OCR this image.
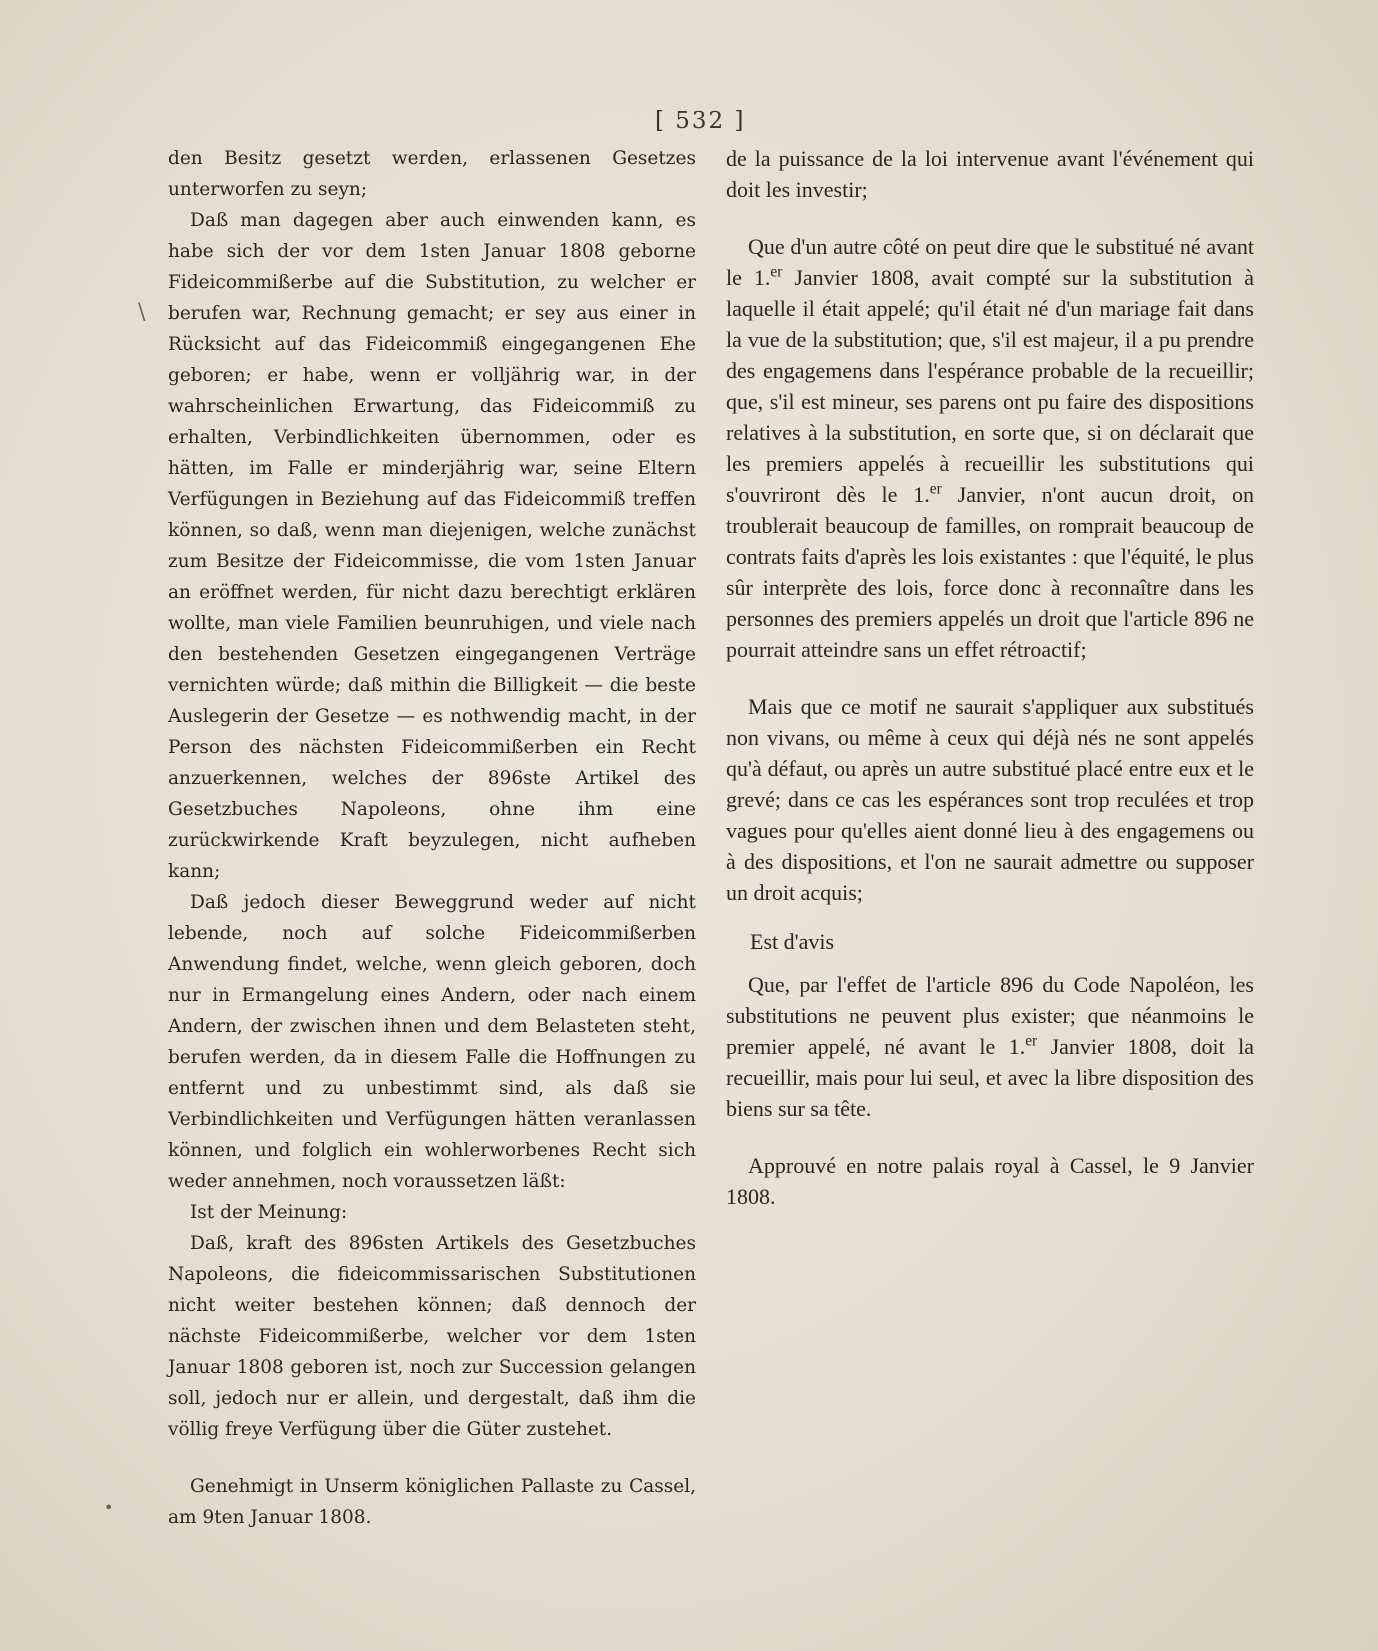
[ 532 ]
\
•

den Besitz gesetzt werden, erlassenen Gesetzes unterworfen zu seyn;

Daß man dagegen aber auch einwenden kann, es habe sich der vor dem 1sten Januar 1808 geborne Fideicommißerbe auf die Substitution, zu welcher er berufen war, Rechnung gemacht; er sey aus einer in Rücksicht auf das Fideicommiß eingegangenen Ehe geboren; er habe, wenn er volljährig war, in der wahrscheinlichen Erwartung, das Fideicommiß zu erhalten, Verbindlichkeiten übernommen, oder es hätten, im Falle er minderjährig war, seine Eltern Verfügungen in Beziehung auf das Fideicommiß treffen können, so daß, wenn man diejenigen, welche zunächst zum Besitze der Fideicommisse, die vom 1sten Januar an eröffnet werden, für nicht dazu berechtigt erklären wollte, man viele Familien beunruhigen, und viele nach den bestehenden Gesetzen eingegangenen Verträge vernichten würde; daß mithin die Billigkeit — die beste Auslegerin der Gesetze — es nothwendig macht, in der Person des nächsten Fideicommißerben ein Recht anzuerkennen, welches der 896ste Artikel des Gesetzbuches Napoleons, ohne ihm eine zurückwirkende Kraft beyzulegen, nicht aufheben kann;

Daß jedoch dieser Beweggrund weder auf nicht lebende, noch auf solche Fideicommißerben Anwendung findet, welche, wenn gleich geboren, doch nur in Ermangelung eines Andern, oder nach einem Andern, der zwischen ihnen und dem Belasteten steht, berufen werden, da in diesem Falle die Hoffnungen zu entfernt und zu unbestimmt sind, als daß sie Verbindlichkeiten und Verfügungen hätten veranlassen können, und folglich ein wohlerworbenes Recht sich weder annehmen, noch voraussetzen läßt:

Ist der Meinung:

Daß, kraft des 896sten Artikels des Gesetzbuches Napoleons, die fideicommissarischen Substitutionen nicht weiter bestehen können; daß dennoch der nächste Fideicommißerbe, welcher vor dem 1sten Januar 1808 geboren ist, noch zur Succession gelangen soll, jedoch nur er allein, und dergestalt, daß ihm die völlig freye Verfügung über die Güter zustehet.

Genehmigt in Unserm königlichen Pallaste zu Cassel, am 9ten Januar 1808.

de la puissance de la loi intervenue avant l'événement qui doit les investir;

Que d'un autre côté on peut dire que le substitué né avant le 1.$^{er}$ Janvier 1808, avait compté sur la substitution à laquelle il était appelé; qu'il était né d'un mariage fait dans la vue de la substitution; que, s'il est majeur, il a pu prendre des engagemens dans l'espérance probable de la recueillir; que, s'il est mineur, ses parens ont pu faire des dispositions relatives à la substitution, en sorte que, si on déclarait que les premiers appelés à recueillir les substitutions qui s'ouvriront dès le 1.$^{er}$ Janvier, n'ont aucun droit, on troublerait beaucoup de familles, on romprait beaucoup de contrats faits d'après les lois existantes : que l'équité, le plus sûr interprète des lois, force donc à reconnaître dans les personnes des premiers appelés un droit que l'article 896 ne pourrait atteindre sans un effet rétroactif;

Mais que ce motif ne saurait s'appliquer aux substitués non vivans, ou même à ceux qui déjà nés ne sont appelés qu'à défaut, ou après un autre substitué placé entre eux et le grevé; dans ce cas les espérances sont trop reculées et trop vagues pour qu'elles aient donné lieu à des engagemens ou à des dispositions, et l'on ne saurait admettre ou supposer un droit acquis;

Est d'avis

Que, par l'effet de l'article 896 du Code Napoléon, les substitutions ne peuvent plus exister; que néanmoins le premier appelé, né avant le 1.$^{er}$ Janvier 1808, doit la recueillir, mais pour lui seul, et avec la libre disposition des biens sur sa tête.

Approuvé en notre palais royal à Cassel, le 9 Janvier 1808.
